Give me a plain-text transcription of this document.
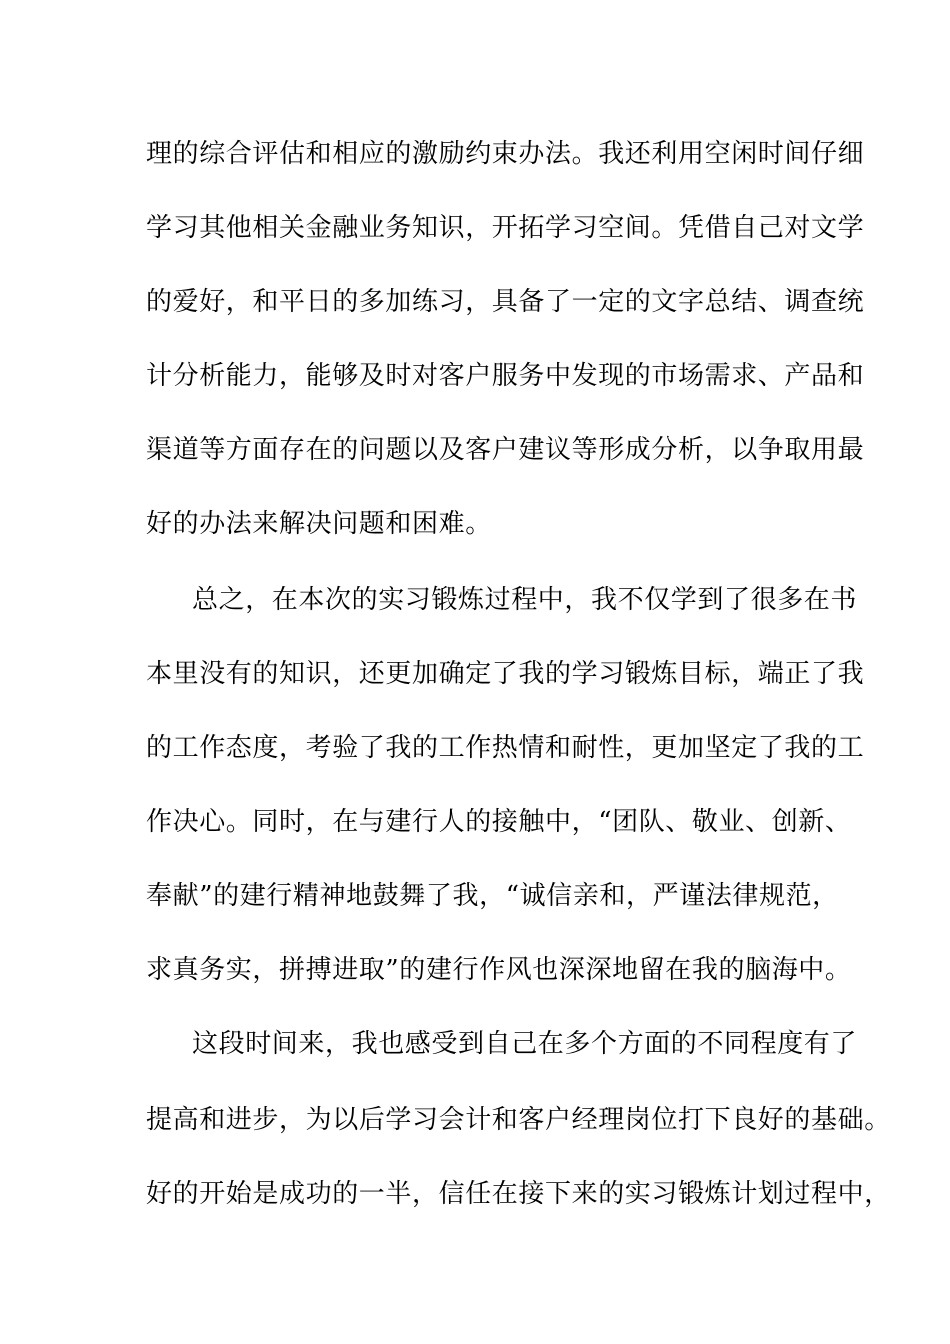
理的综合评估和相应的激励约束办法。我还利用空闲时间仔细
学习其他相关金融业务知识，开拓学习空间。凭借自己对文学
的爱好，和平日的多加练习，具备了一定的文字总结、调查统
计分析能力，能够及时对客户服务中发现的市场需求、产品和
渠道等方面存在的问题以及客户建议等形成分析，以争取用最
好的办法来解决问题和困难。
总之，在本次的实习锻炼过程中，我不仅学到了很多在书
本里没有的知识，还更加确定了我的学习锻炼目标，端正了我
的工作态度，考验了我的工作热情和耐性，更加坚定了我的工
作决心。同时，在与建行人的接触中，“团队、敬业、创新、
奉献”的建行精神地鼓舞了我，“诚信亲和，严谨法律规范，
求真务实，拼搏进取”的建行作风也深深地留在我的脑海中。
这段时间来，我也感受到自己在多个方面的不同程度有了
提高和进步，为以后学习会计和客户经理岗位打下良好的基础。
好的开始是成功的一半，信任在接下来的实习锻炼计划过程中，
